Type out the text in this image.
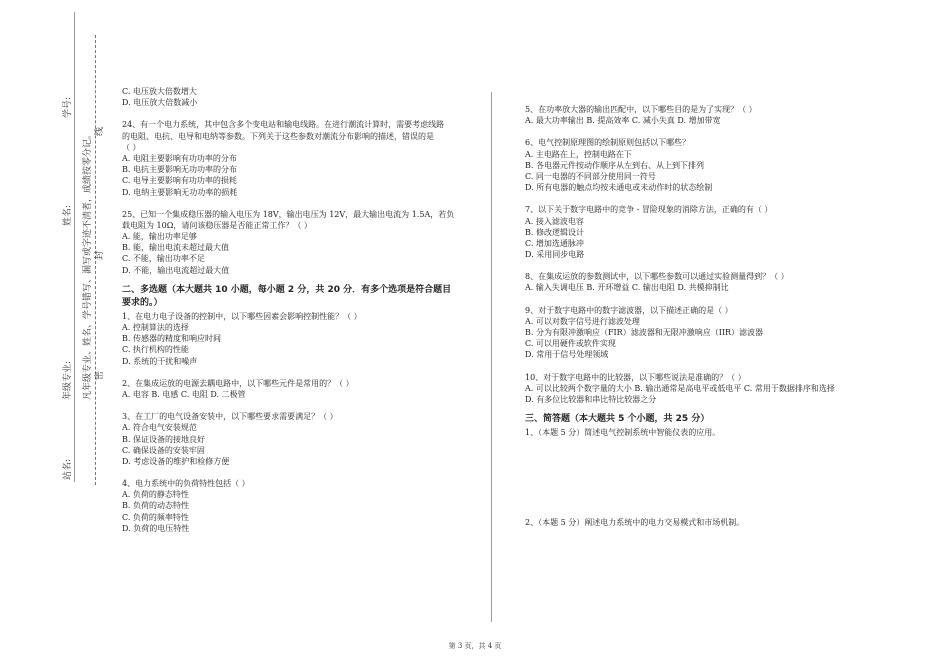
学号:
姓名:
年级专业:
站名:
凡年级专业、姓名、学号错写、漏写或字迹不清者，成绩按零分记。 线
封
密
C. 电压放大倍数增大
D. 电压放大倍数减小
24、有一个电力系统，其中包含多个变电站和输电线路。在进行潮流计算时，需要考虑线路
的电阻、电抗、电导和电纳等参数。下列关于这些参数对潮流分布影响的描述，错误的是
（ ）
A. 电阻主要影响有功功率的分布
B. 电抗主要影响无功功率的分布
C. 电导主要影响有功功率的损耗
D. 电纳主要影响无功功率的损耗
25、已知一个集成稳压器的输入电压为 18V，输出电压为 12V，最大输出电流为 1.5A，若负
载电阻为 10Ω，请问该稳压器是否能正常工作？（ ）
A. 能，输出功率足够
B. 能，输出电流未超过最大值
C. 不能，输出功率不足
D. 不能，输出电流超过最大值
二、多选题（本大题共 10 小题，每小题 2 分，共 20 分．有多个选项是符合题目
要求的。）
1、在电力电子设备的控制中，以下哪些因素会影响控制性能？（ ）
A. 控制算法的选择
B. 传感器的精度和响应时间
C. 执行机构的性能
D. 系统的干扰和噪声
2、在集成运放的电源去耦电路中，以下哪些元件是常用的？（ ）
A. 电容 B. 电感 C. 电阻 D. 二极管
3、在工厂的电气设备安装中，以下哪些要求需要满足？（ ）
A. 符合电气安装规范
B. 保证设备的接地良好
C. 确保设备的安装牢固
D. 考虑设备的维护和检修方便
4、电力系统中的负荷特性包括（ ）
A. 负荷的静态特性
B. 负荷的动态特性
C. 负荷的频率特性
D. 负荷的电压特性
5、在功率放大器的输出匹配中，以下哪些目的是为了实现？（ ）
A. 最大功率输出 B. 提高效率 C. 减小失真 D. 增加带宽
6、电气控制原理图的绘制原则包括以下哪些？
A. 主电路在上，控制电路在下
B. 各电器元件按动作顺序从左到右、从上到下排列
C. 同一电器的不同部分使用同一符号
D. 所有电器的触点均按未通电或未动作时的状态绘制
7、以下关于数字电路中的竞争 - 冒险现象的消除方法，正确的有（ ）
A. 接入滤波电容
B. 修改逻辑设计
C. 增加选通脉冲
D. 采用同步电路
8、在集成运放的参数测试中，以下哪些参数可以通过实验测量得到？（ ）
A. 输入失调电压 B. 开环增益 C. 输出电阻 D. 共模抑制比
9、对于数字电路中的数字滤波器，以下描述正确的是（ ）
A. 可以对数字信号进行滤波处理
B. 分为有限冲激响应（FIR）滤波器和无限冲激响应（IIR）滤波器
C. 可以用硬件或软件实现
D. 常用于信号处理领域
10、对于数字电路中的比较器，以下哪些说法是准确的？（ ）
A. 可以比较两个数字量的大小 B. 输出通常是高电平或低电平 C. 常用于数据排序和选择
D. 有多位比较器和串比特比较器之分
三、简答题（本大题共 5 个小题，共 25 分）
1、（本题 5 分）简述电气控制系统中智能仪表的应用。
2、（本题 5 分）阐述电力系统中的电力交易模式和市场机制。
第 3 页，共 4 页
